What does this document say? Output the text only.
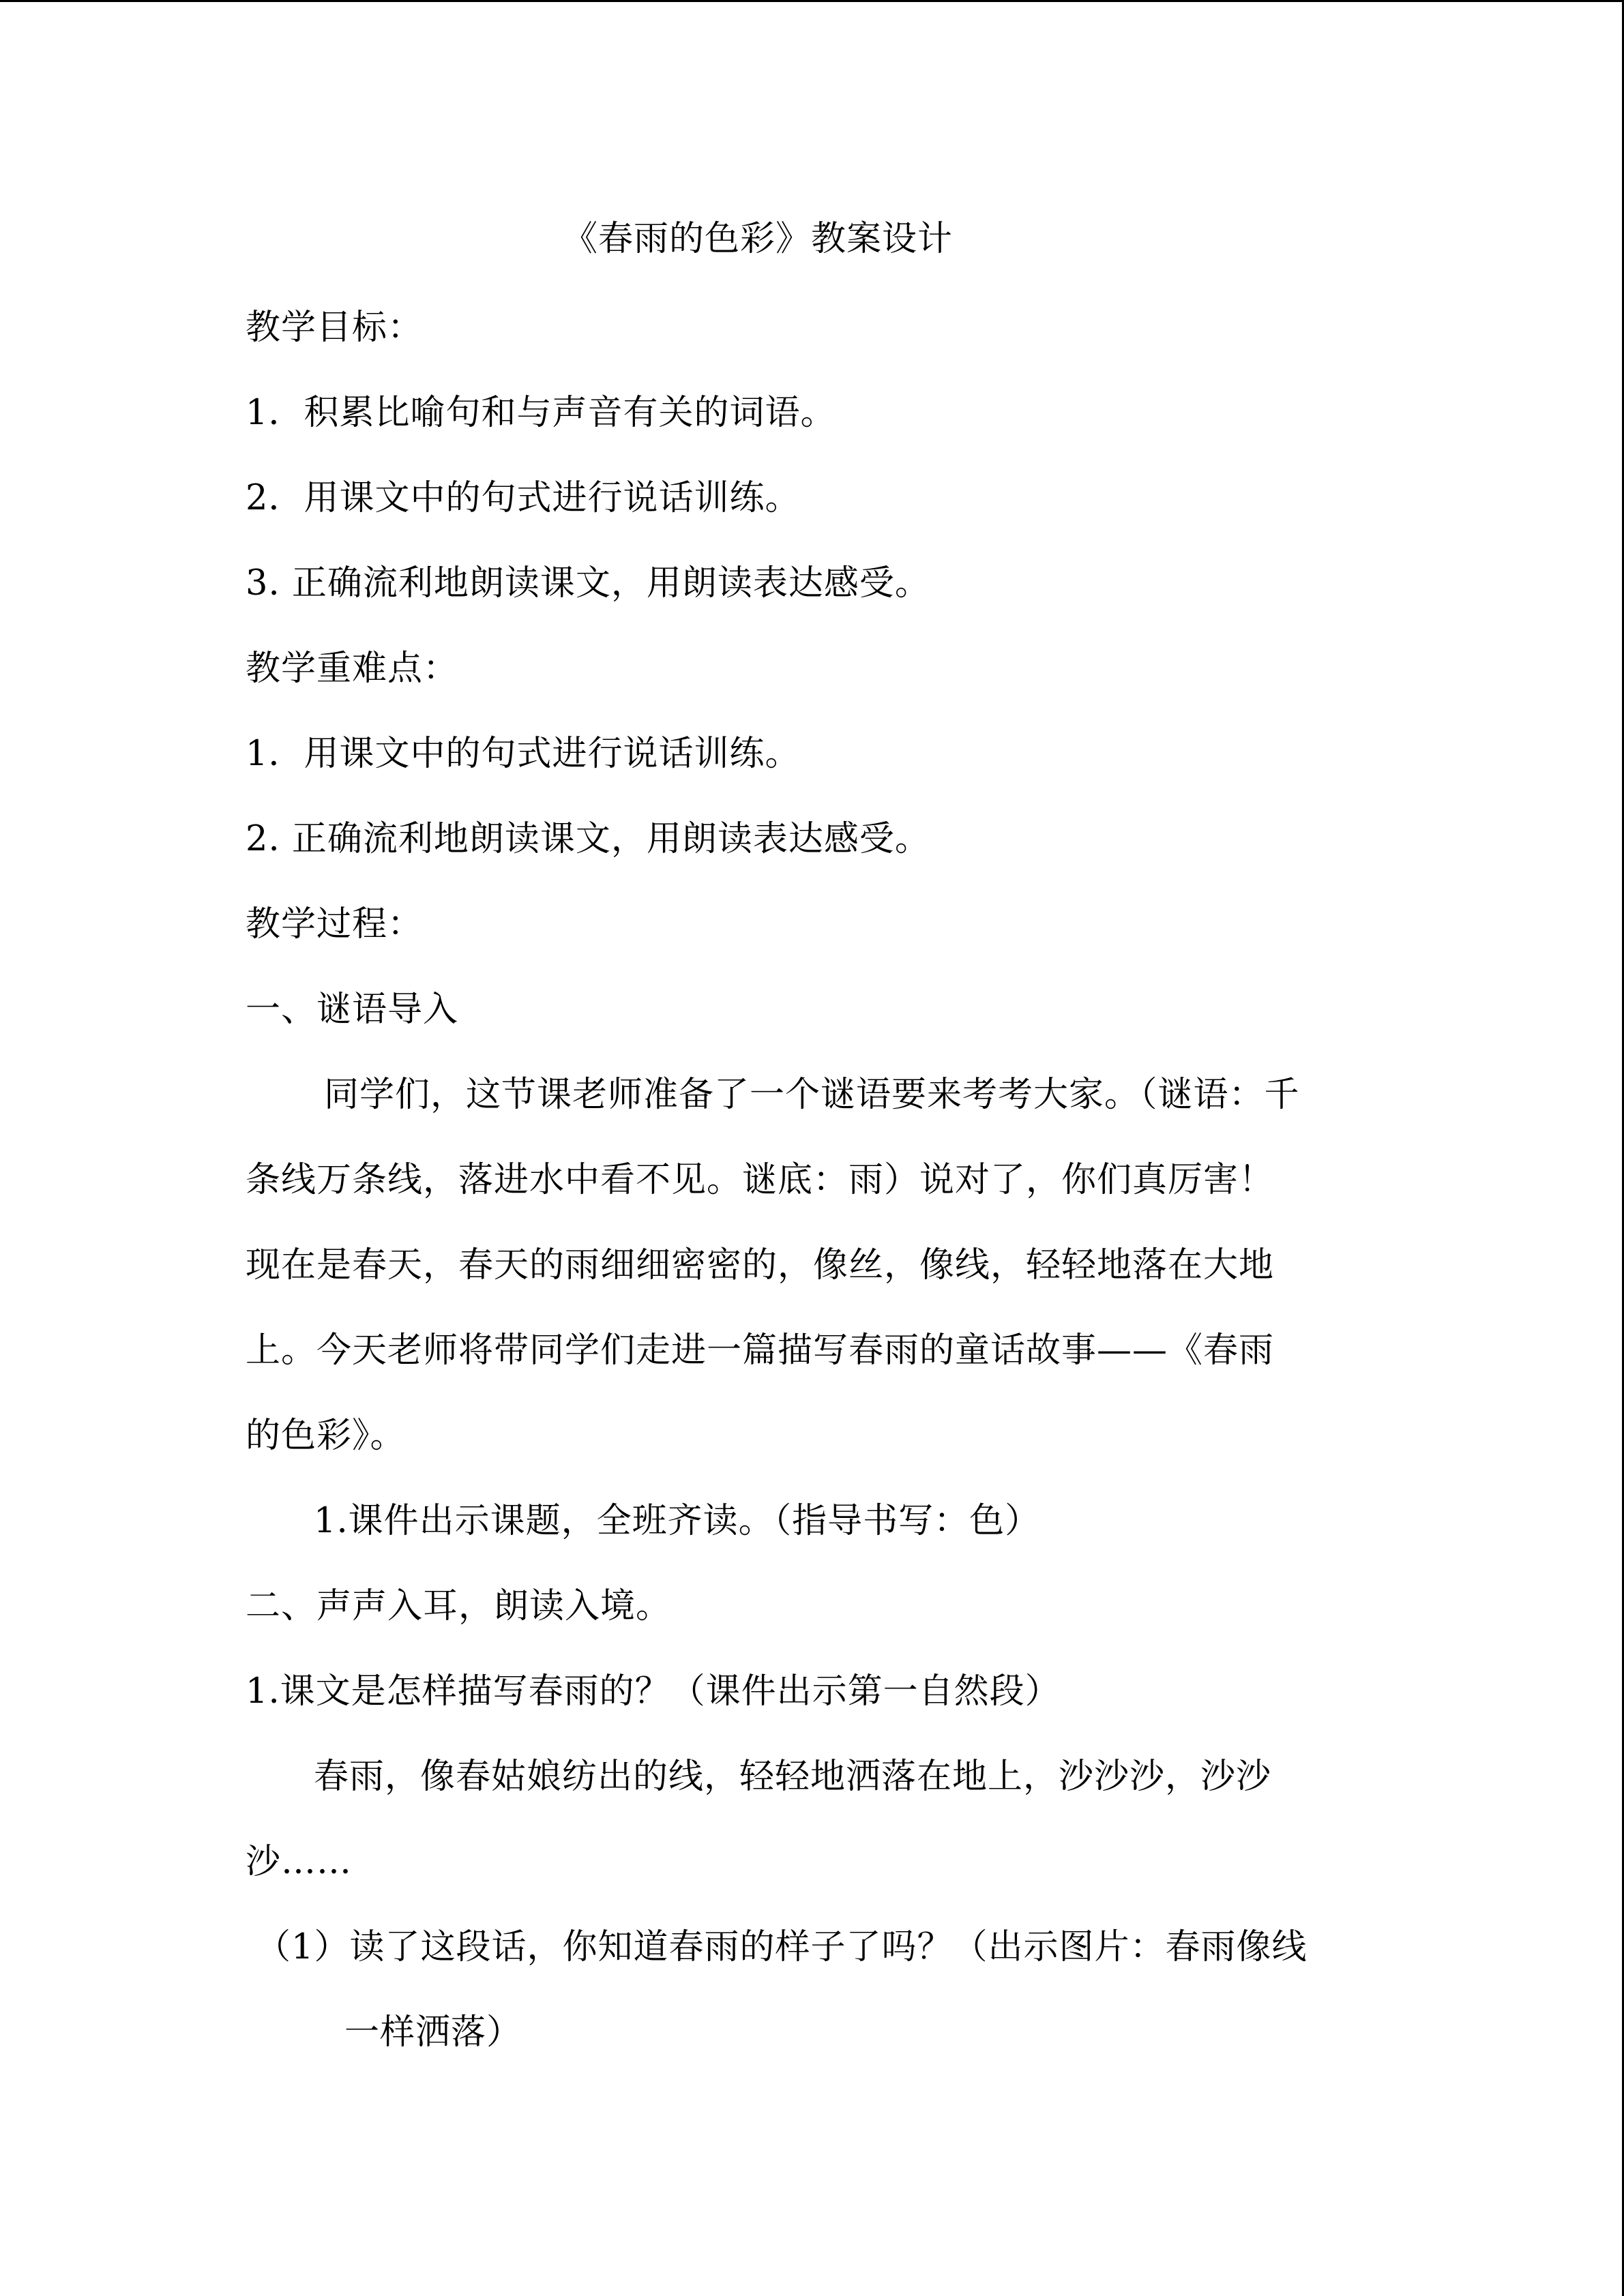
《春雨的色彩》教案设计
教学目标：
1．积累比喻句和与声音有关的词语。
2．用课文中的句式进行说话训练。
3. 正确流利地朗读课文，用朗读表达感受。
教学重难点：
1．用课文中的句式进行说话训练。
2. 正确流利地朗读课文，用朗读表达感受。
教学过程：
一、谜语导入
同学们，这节课老师准备了一个谜语要来考考大家。（谜语：千
条线万条线，落进水中看不见。谜底：雨）说对了，你们真厉害！
现在是春天，春天的雨细细密密的，像丝，像线，轻轻地落在大地
上。今天老师将带同学们走进一篇描写春雨的童话故事——《春雨
的色彩》。
1.课件出示课题，全班齐读。（指导书写：色）
二、声声入耳，朗读入境。
1.课文是怎样描写春雨的？（课件出示第一自然段）
春雨，像春姑娘纺出的线，轻轻地洒落在地上，沙沙沙，沙沙
沙……
（1）读了这段话，你知道春雨的样子了吗？（出示图片：春雨像线
一样洒落）
